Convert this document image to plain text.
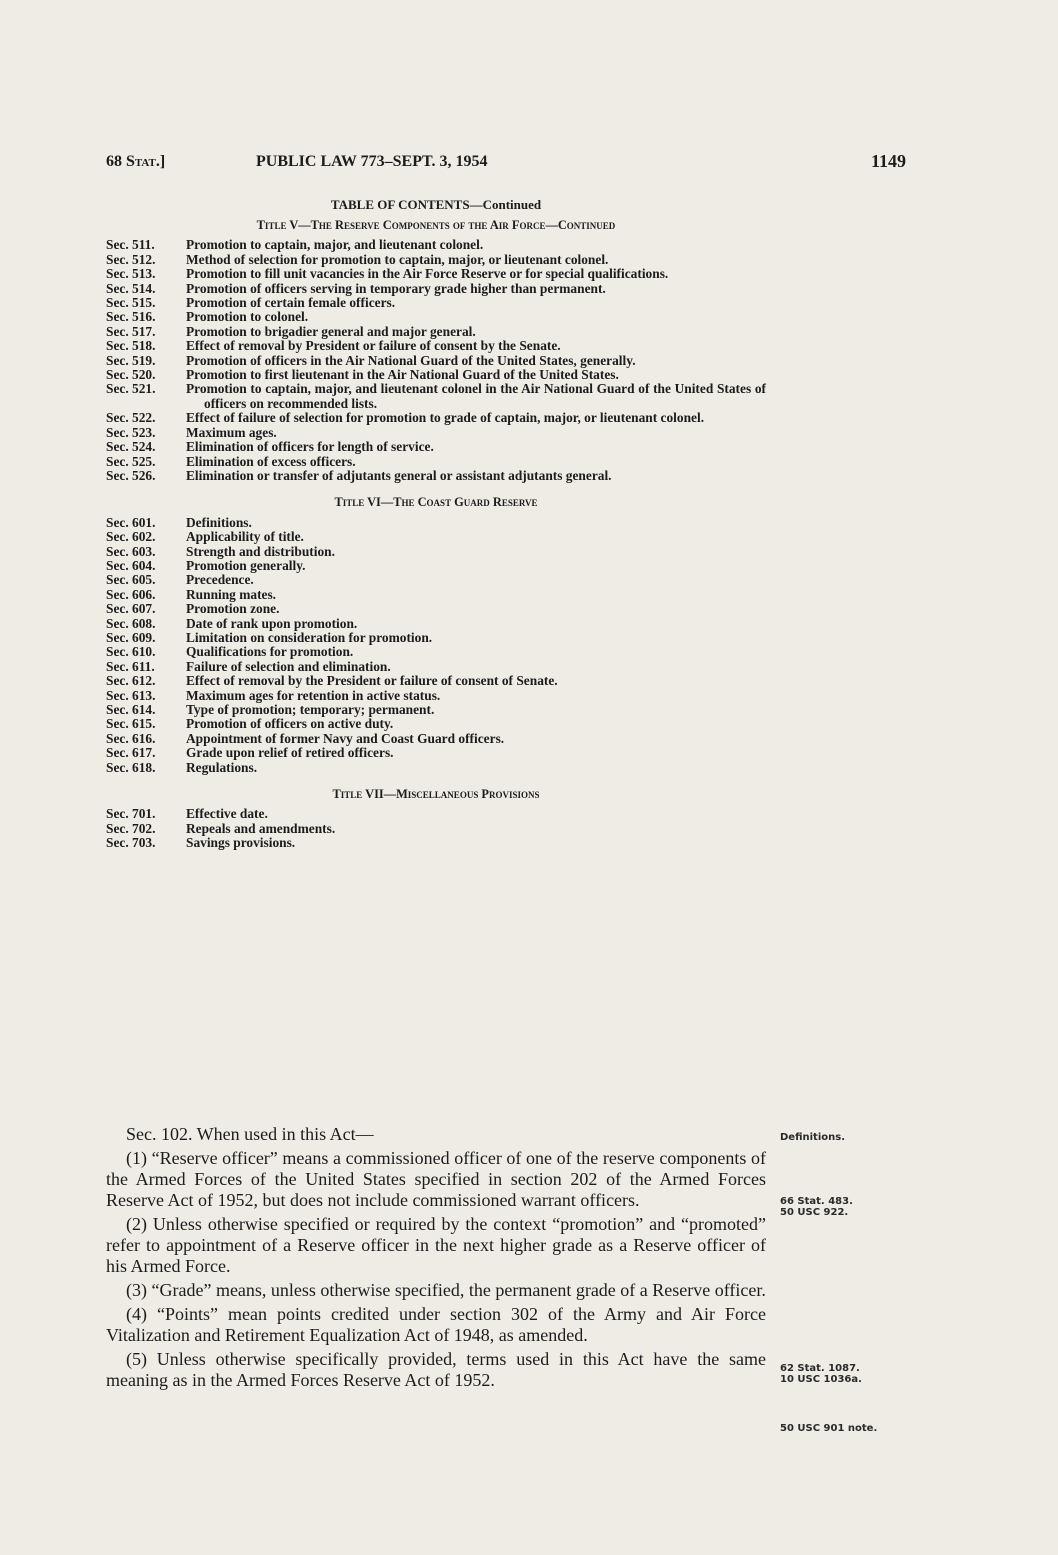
68 Stat.]	PUBLIC LAW 773–SEPT. 3, 1954	1149
TABLE OF CONTENTS—Continued
Title V—The Reserve Components of the Air Force—Continued
Sec. 511.	Promotion to captain, major, and lieutenant colonel.
Sec. 512.	Method of selection for promotion to captain, major, or lieutenant colonel.
Sec. 513.	Promotion to fill unit vacancies in the Air Force Reserve or for special qualifications.
Sec. 514.	Promotion of officers serving in temporary grade higher than permanent.
Sec. 515.	Promotion of certain female officers.
Sec. 516.	Promotion to colonel.
Sec. 517.	Promotion to brigadier general and major general.
Sec. 518.	Effect of removal by President or failure of consent by the Senate.
Sec. 519.	Promotion of officers in the Air National Guard of the United States, generally.
Sec. 520.	Promotion to first lieutenant in the Air National Guard of the United States.
Sec. 521.	Promotion to captain, major, and lieutenant colonel in the Air National Guard of the United States of officers on recommended lists.
Sec. 522.	Effect of failure of selection for promotion to grade of captain, major, or lieutenant colonel.
Sec. 523.	Maximum ages.
Sec. 524.	Elimination of officers for length of service.
Sec. 525.	Elimination of excess officers.
Sec. 526.	Elimination or transfer of adjutants general or assistant adjutants general.
Title VI—The Coast Guard Reserve
Sec. 601.	Definitions.
Sec. 602.	Applicability of title.
Sec. 603.	Strength and distribution.
Sec. 604.	Promotion generally.
Sec. 605.	Precedence.
Sec. 606.	Running mates.
Sec. 607.	Promotion zone.
Sec. 608.	Date of rank upon promotion.
Sec. 609.	Limitation on consideration for promotion.
Sec. 610.	Qualifications for promotion.
Sec. 611.	Failure of selection and elimination.
Sec. 612.	Effect of removal by the President or failure of consent of Senate.
Sec. 613.	Maximum ages for retention in active status.
Sec. 614.	Type of promotion; temporary; permanent.
Sec. 615.	Promotion of officers on active duty.
Sec. 616.	Appointment of former Navy and Coast Guard officers.
Sec. 617.	Grade upon relief of retired officers.
Sec. 618.	Regulations.
Title VII—Miscellaneous Provisions
Sec. 701.	Effective date.
Sec. 702.	Repeals and amendments.
Sec. 703.	Savings provisions.

Sec. 102. When used in this Act—

(1) “Reserve officer” means a commissioned officer of one of the reserve components of the Armed Forces of the United States specified in section 202 of the Armed Forces Reserve Act of 1952, but does not include commissioned warrant officers.

(2) Unless otherwise specified or required by the context “promotion” and “promoted” refer to appointment of a Reserve officer in the next higher grade as a Reserve officer of his Armed Force.

(3) “Grade” means, unless otherwise specified, the permanent grade of a Reserve officer.

(4) “Points” mean points credited under section 302 of the Army and Air Force Vitalization and Retirement Equalization Act of 1948, as amended.

(5) Unless otherwise specifically provided, terms used in this Act have the same meaning as in the Armed Forces Reserve Act of 1952.

Definitions.
66 Stat. 483.
50 USC 922.
62 Stat. 1087.
10 USC 1036a.
50 USC 901 note.
